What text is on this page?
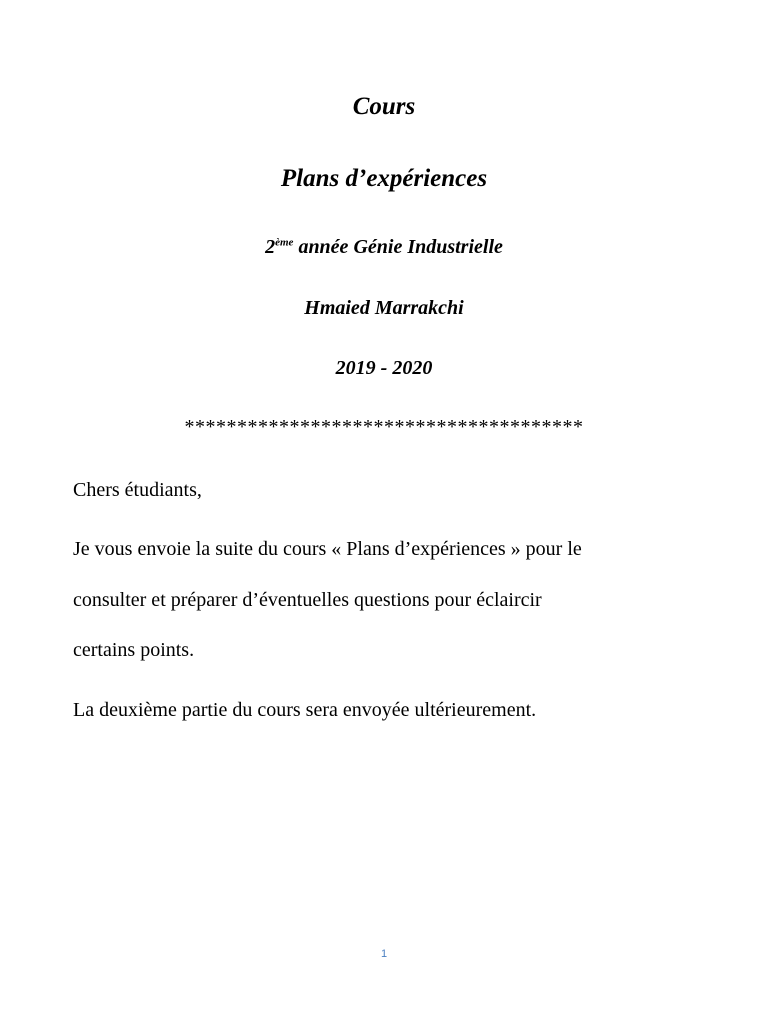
Cours
Plans d’expériences
2ème année Génie Industrielle
Hmaied Marrakchi
2019 - 2020
**************************************
Chers étudiants,
Je vous envoie la suite du cours « Plans d’expériences » pour le
consulter et préparer d’éventuelles questions pour éclaircir
certains points.
La deuxième partie du cours sera envoyée ultérieurement.
1
